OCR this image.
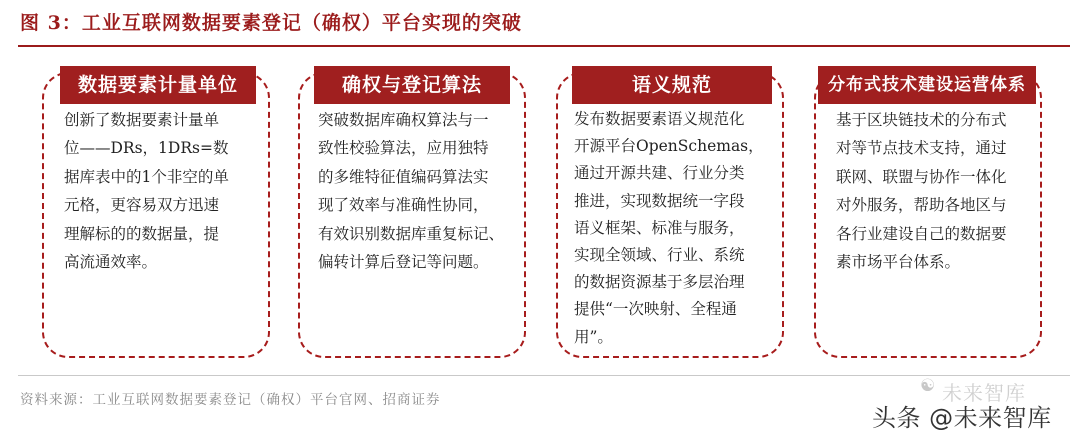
图 3：工业互联网数据要素登记（确权）平台实现的突破
数据要素计量单位
创新了数据要素计量单
位——DRs，1DRs=数
据库表中的1个非空的单
元格，更容易双方迅速
理解标的的数据量，提
高流通效率。
确权与登记算法
突破数据库确权算法与一
致性校验算法，应用独特
的多维特征值编码算法实
现了效率与准确性协同，
有效识别数据库重复标记、
偏转计算后登记等问题。
语义规范
发布数据要素语义规范化
开源平台OpenSchemas，
通过开源共建、行业分类
推进，实现数据统一字段
语义框架、标准与服务，
实现全领域、行业、系统
的数据资源基于多层治理
提供“一次映射、全程通
用”。
分布式技术建设运营体系
基于区块链技术的分布式
对等节点技术支持，通过
联网、联盟与协作一体化
对外服务，帮助各地区与
各行业建设自己的数据要
素市场平台体系。
资料来源：工业互联网数据要素登记（确权）平台官网、招商证券
☯ 未来智库
头条 @未来智库
